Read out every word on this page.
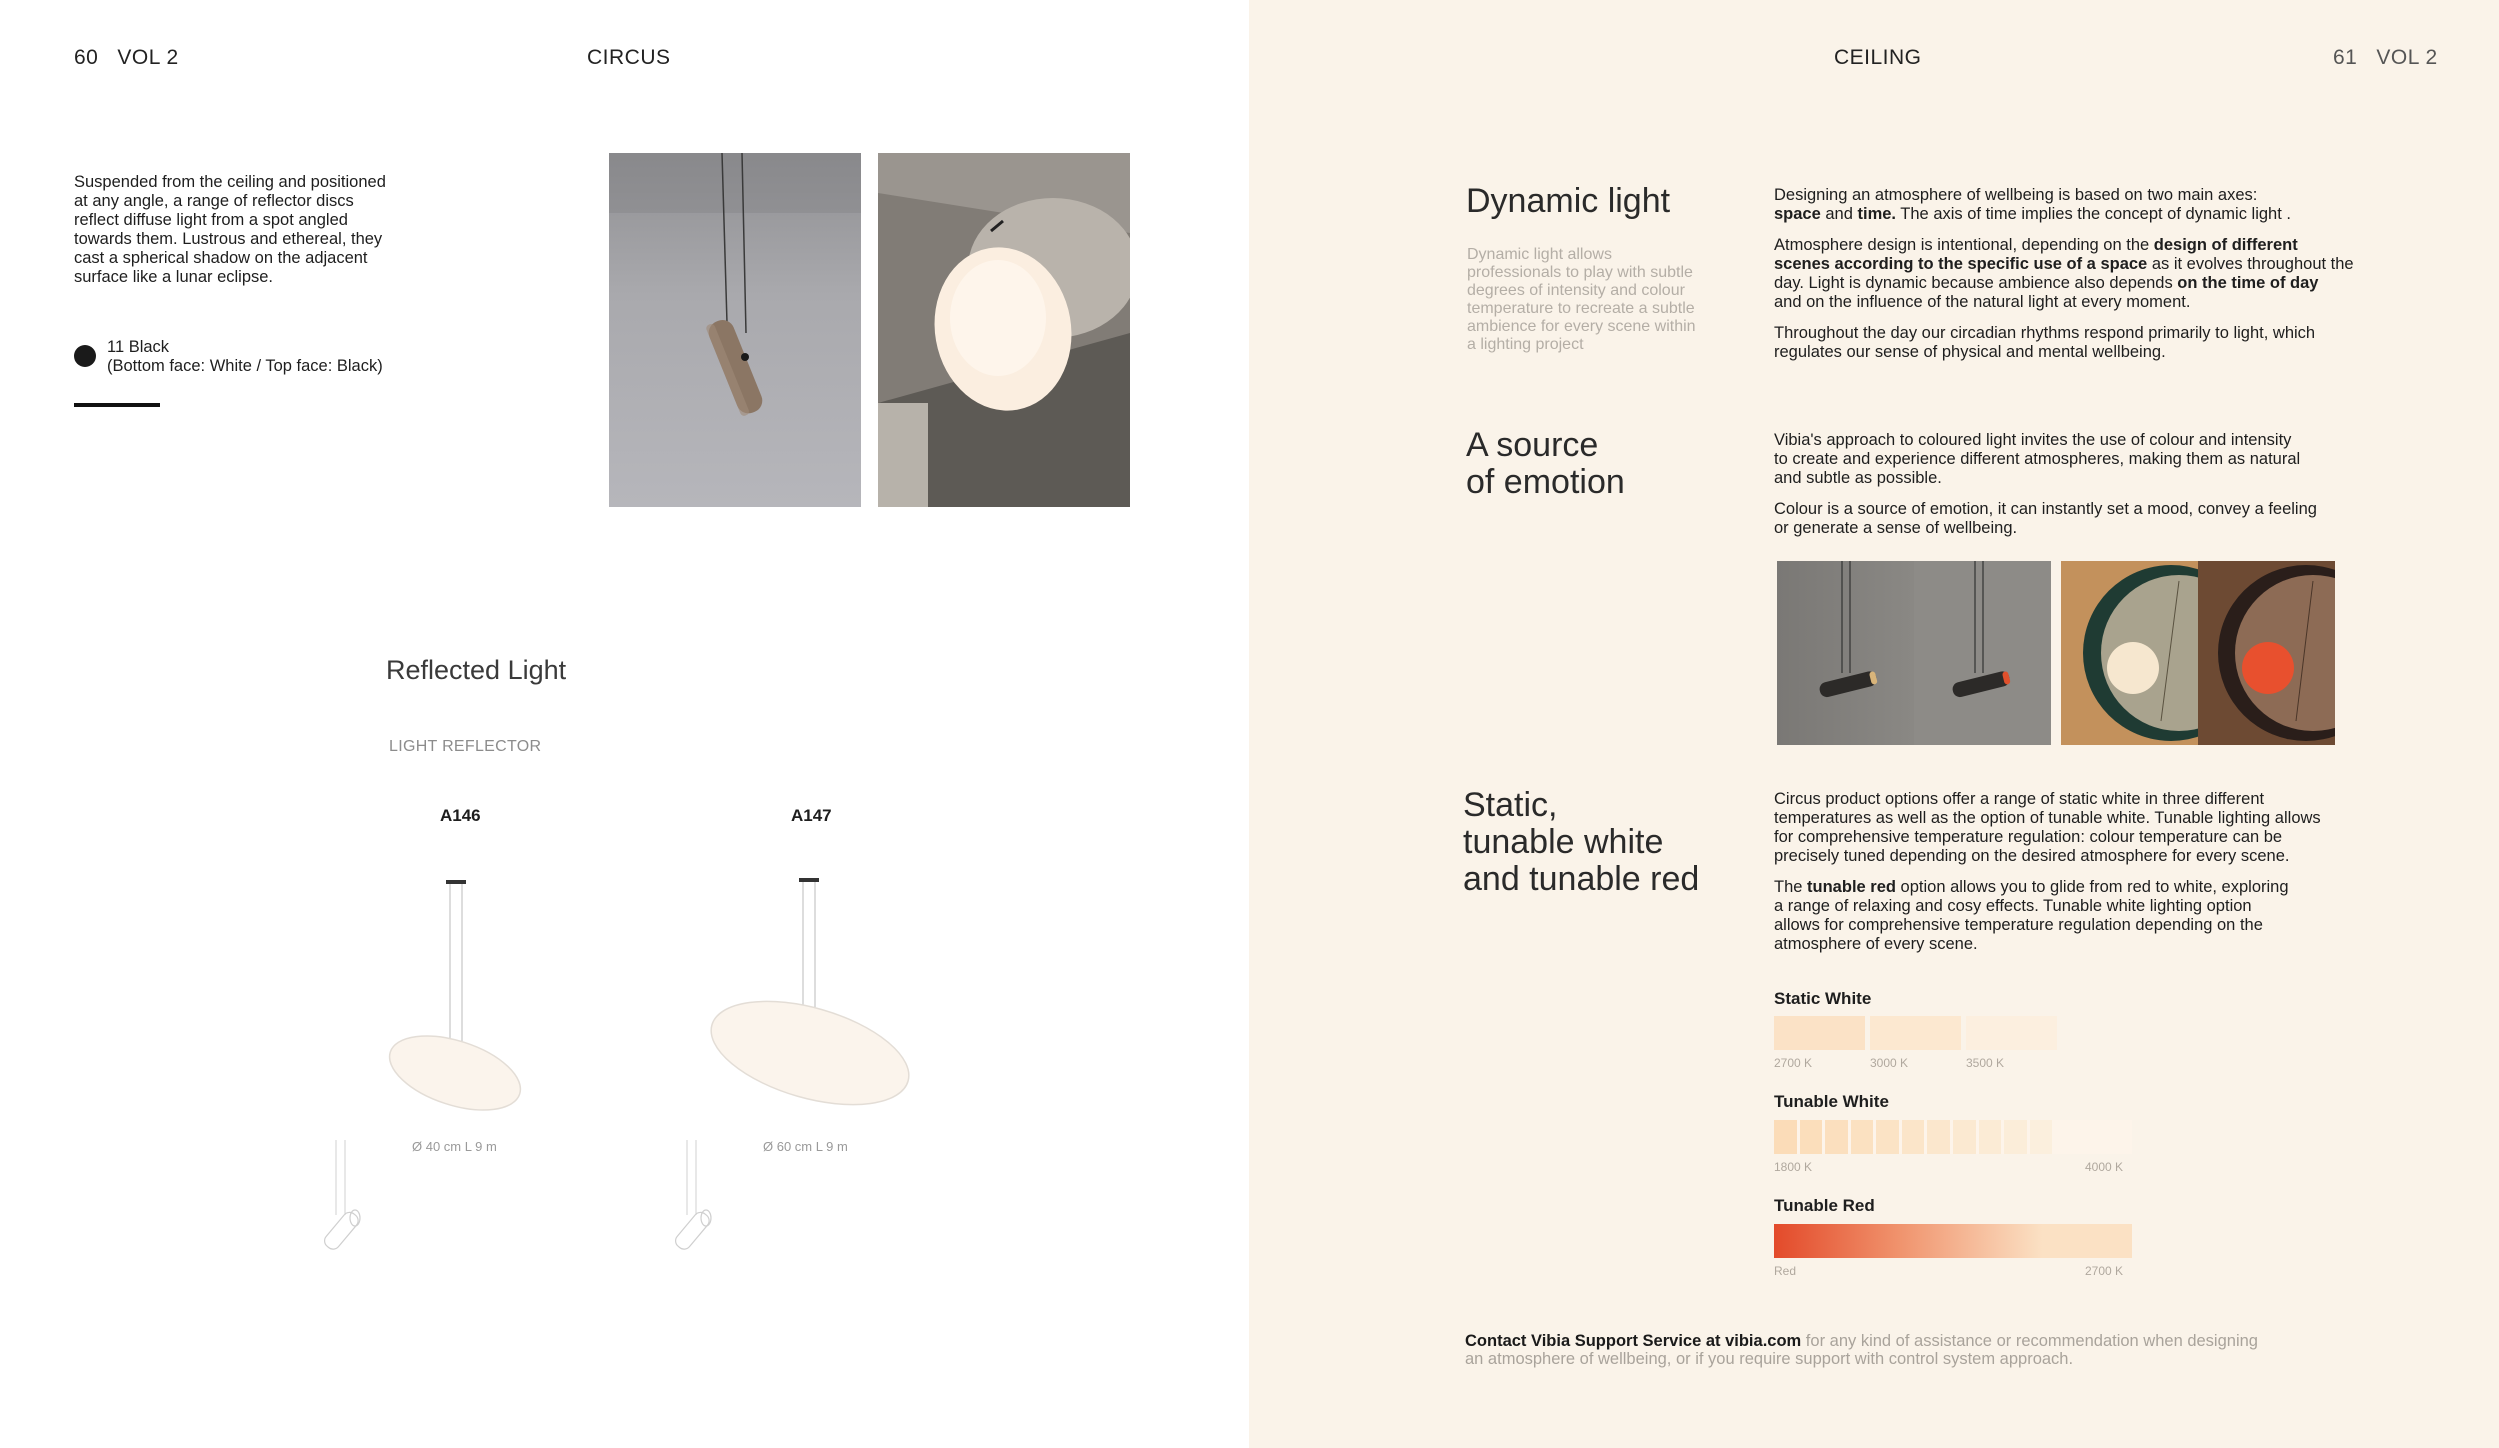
60 VOL 2	CIRCUS
Suspended from the ceiling and positioned
at any angle, a range of reflector discs
reflect diffuse light from a spot angled
towards them. Lustrous and ethereal, they
cast a spherical shadow on the adjacent
surface like a lunar eclipse.
11 Black
(Bottom face: White / Top face: Black)
Reflected Light
LIGHT REFLECTOR
A146
Ø 40 cm L 9 m
A147
Ø 60 cm L 9 m
CEILING	61 VOL 2
Dynamic light
Dynamic light allows
professionals to play with subtle
degrees of intensity and colour
temperature to recreate a subtle
ambience for every scene within
a lighting project
Designing an atmosphere of wellbeing is based on two main axes:
space and time. The axis of time implies the concept of dynamic light .
Atmosphere design is intentional, depending on the design of different
scenes according to the specific use of a space as it evolves throughout the
day. Light is dynamic because ambience also depends on the time of day
and on the influence of the natural light at every moment.
Throughout the day our circadian rhythms respond primarily to light, which
regulates our sense of physical and mental wellbeing.
A source
of emotion
Vibia's approach to coloured light invites the use of colour and intensity
to create and experience different atmospheres, making them as natural
and subtle as possible.
Colour is a source of emotion, it can instantly set a mood, convey a feeling
or generate a sense of wellbeing.
Static,
tunable white
and tunable red
Circus product options offer a range of static white in three different
temperatures as well as the option of tunable white. Tunable lighting allows
for comprehensive temperature regulation: colour temperature can be
precisely tuned depending on the desired atmosphere for every scene.
The tunable red option allows you to glide from red to white, exploring
a range of relaxing and cosy effects. Tunable white lighting option
allows for comprehensive temperature regulation depending on the
atmosphere of every scene.
Static White
2700 K	3000 K	3500 K
Tunable White
1800 K	4000 K
Tunable Red
Red	2700 K
Contact Vibia Support Service at vibia.com for any kind of assistance or recommendation when designing
an atmosphere of wellbeing, or if you require support with control system approach.
